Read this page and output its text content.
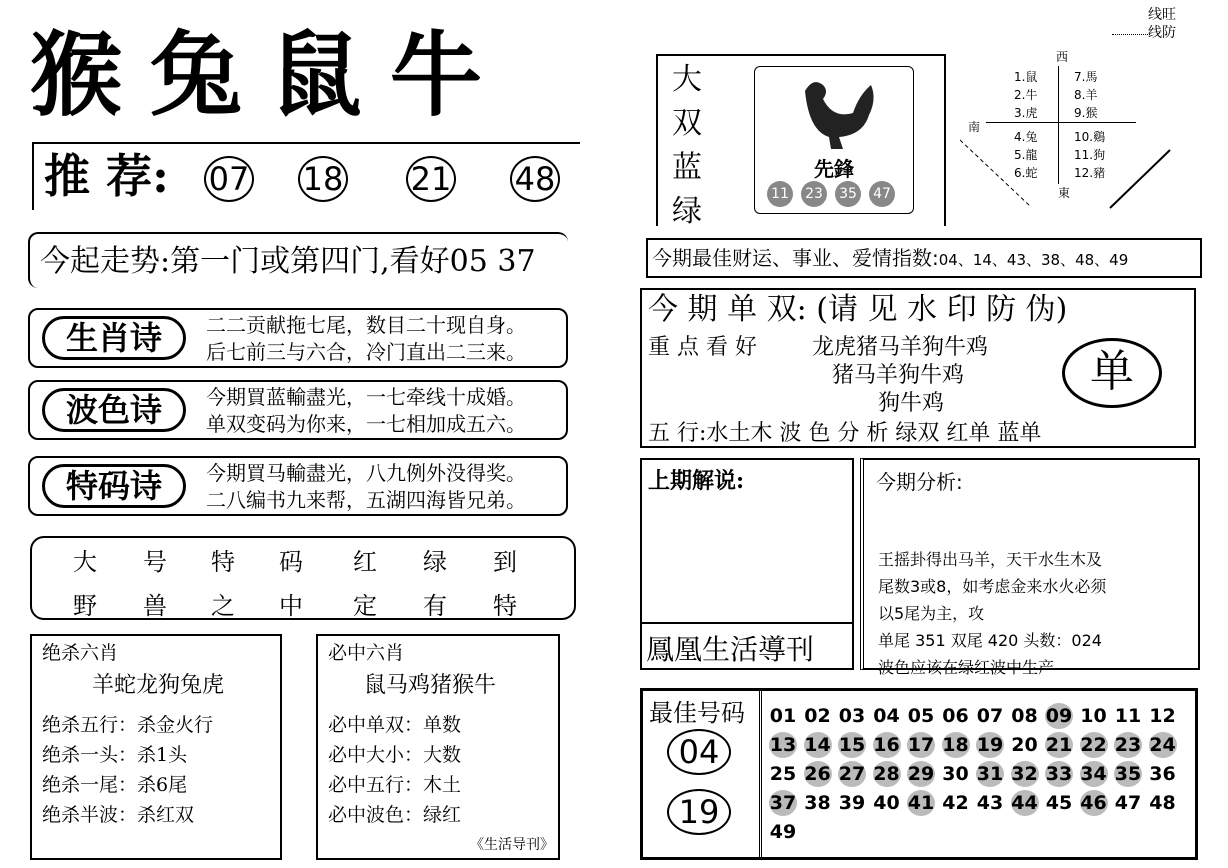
猴兔鼠牛
推 荐: 07 18 21 48
今起走势:第一门或第四门,看好05 37
生肖诗	二二贡献拖七尾，数目二十现自身。
后七前三与六合，冷门直出二三来。
波色诗	今期買蓝輸盡光，一七牵线十成婚。
单双变码为你来，一七相加成五六。
特码诗	今期買马輸盡光，八九例外没得奖。
二八编书九来帮，五湖四海皆兄弟。
大	号	特	码	红	绿	到
野	兽	之	中	定	有	特
绝杀六肖
羊蛇龙狗兔虎
绝杀五行：杀金火行
绝杀一头：杀1头
绝杀一尾：杀6尾
绝杀半波：杀红双
必中六肖
鼠马鸡猪猴牛
必中单双：单数
必中大小：大数
必中五行：木土
必中波色：绿红
《生活导刊》
线旺
线防
大
双
蓝
绿
先鋒
11 23 35 47
西
南
東
1.鼠
2.牛
3.虎
4.兔
5.龍
6.蛇
7.馬
8.羊
9.猴
10.鷄
11.狗
12.豬
今期最佳财运、事业、爱情指数:04、14、43、38、48、49
今 期 单 双: (请 见 水 印 防 伪)
重 点 看 好	龙虎猪马羊狗牛鸡
猪马羊狗牛鸡
狗牛鸡
单
五 行:水土木 波 色 分 析 绿双 红单 蓝单
上期解说:
鳳凰生活導刊
今期分析:
王摇卦得出马羊，天干水生木及
尾数3或8，如考虑金来水火必须
以5尾为主，攻
单尾 351 双尾 420 头数：024
波色应该在绿红波中生产
最佳号码
04
19
01 02 03 04 05 06 07 08 09 10 11 12
13 14 15 16 17 18 19 20 21 22 23 24
25 26 27 28 29 30 31 32 33 34 35 36
37 38 39 40 41 42 43 44 45 46 47 48
49
